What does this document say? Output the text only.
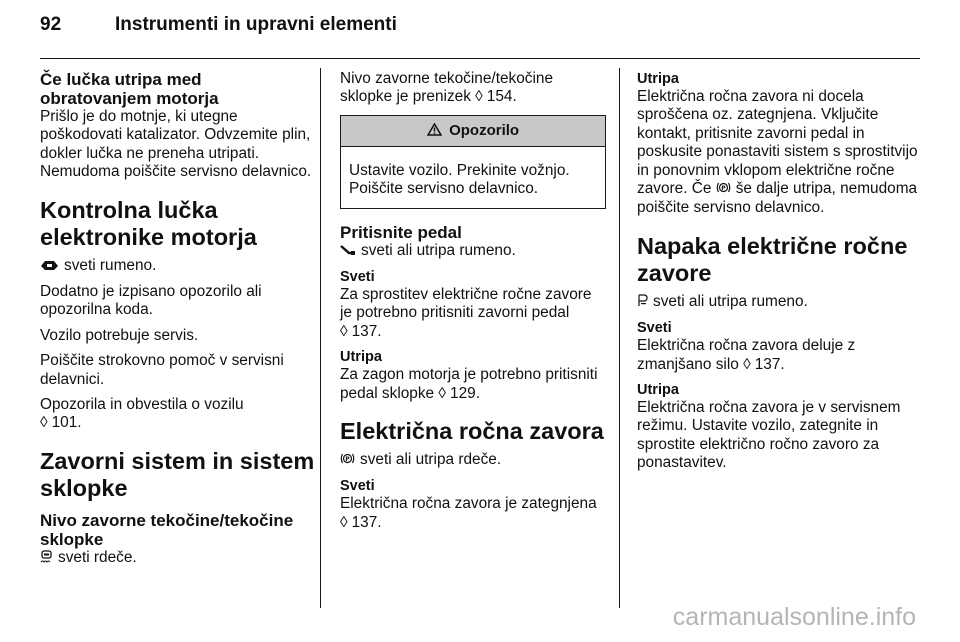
92	Instrumenti in upravni elementi
Če lučka utripa med obratovanjem motorja

Prišlo je do motnje, ki utegne poškodovati katalizator. Odvzemite plin, dokler lučka ne preneha utripati. Nemudoma poiščite servisno delavnico.

Kontrolna lučka elektronike motorja

sveti rumeno.

Dodatno je izpisano opozorilo ali opozorilna koda.

Vozilo potrebuje servis.

Poiščite strokovno pomoč v servisni delavnici.

Opozorila in obvestila o vozilu
◊ 101.

Zavorni sistem in sistem sklopke
Nivo zavorne tekočine/tekočine sklopke

sveti rdeče.

Nivo zavorne tekočine/tekočine sklopke je prenizek ◊ 154.

Opozorilo
Ustavite vozilo. Prekinite vožnjo. Poiščite servisno delavnico.
Pritisnite pedal

sveti ali utripa rumeno.

Sveti

Za sprostitev električne ročne zavore je potrebno pritisniti zavorni pedal
◊ 137.

Utripa

Za zagon motorja je potrebno pritisniti pedal sklopke ◊ 129.

Električna ročna zavora

P sveti ali utripa rdeče.

Sveti

Električna ročna zavora je zategnjena
◊ 137.

Utripa

Električna ročna zavora ni docela sproščena oz. zategnjena. Vključite kontakt, pritisnite zavorni pedal in poskusite ponastaviti sistem s sprostitvijo in ponovnim vklopom električne ročne zavore. Če P še dalje utripa, nemudoma poiščite servisno delavnico.

Napaka električne ročne zavore

sveti ali utripa rumeno.

Sveti

Električna ročna zavora deluje z zmanjšano silo ◊ 137.

Utripa

Električna ročna zavora je v servisnem režimu. Ustavite vozilo, zategnite in sprostite električno ročno zavoro za ponastavitev.

carmanualsonline.info
